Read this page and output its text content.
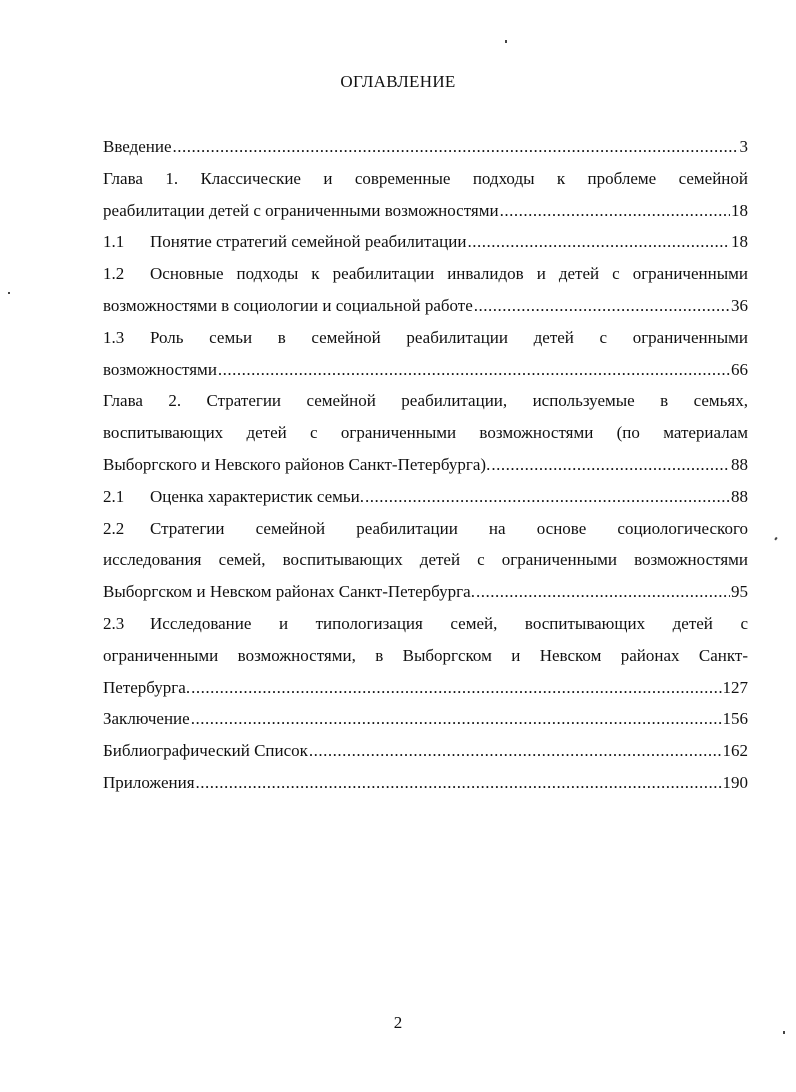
ОГЛАВЛЕНИЕ
Введение .....	3
Глава 1. Классические и современные подходы к проблеме семейной
реабилитации детей с ограниченными возможностями .....	18
1.1	Понятие стратегий семейной реабилитации .....	18
1.2	Основные подходы к реабилитации инвалидов и детей с ограниченными
возможностями в социологии и социальной работе .....	36
1.3	Роль семьи в семейной реабилитации детей с ограниченными
возможностями .....	66
Глава 2. Стратегии семейной реабилитации, используемые в семьях,
воспитывающих детей с ограниченными возможностями (по материалам
Выборгского и Невского районов Санкт-Петербурга). .....	88
2.1	Оценка характеристик семьи. .....	88
2.2	Стратегии семейной реабилитации на основе социологического
исследования семей, воспитывающих детей с ограниченными возможностями
Выборгском и Невском районах Санкт-Петербурга. .....	95
2.3	Исследование и типологизация семей, воспитывающих детей с
ограниченными возможностями, в Выборгском и Невском районах Санкт-
Петербурга. .....	127
Заключение .....	156
Библиографический Список .....	162
Приложения .....	190
2
